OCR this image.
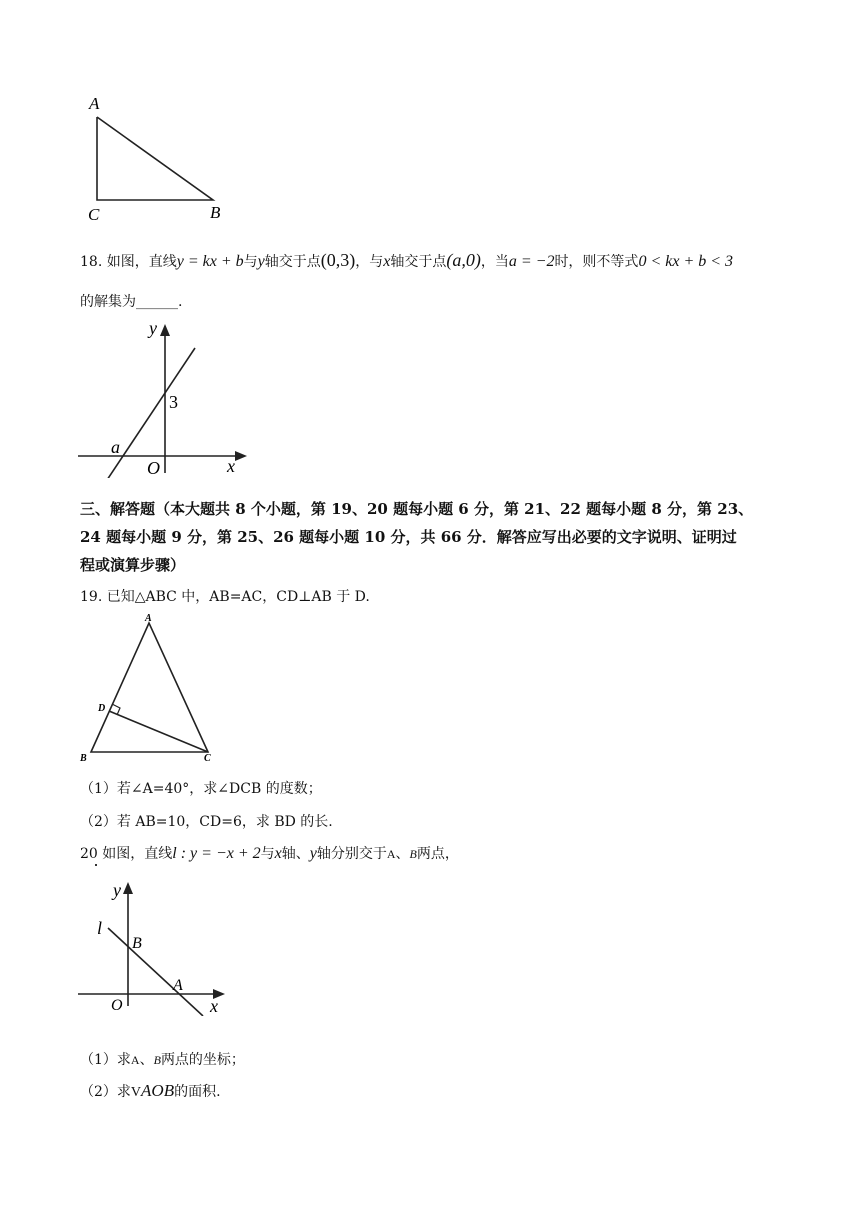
A
C	B
18. 如图，直线y = kx + b与y轴交于点(0,3)，与x轴交于点(a,0)，当a = −2时，则不等式0 < kx + b < 3
的解集为______.
y
3
a
O	x
三、解答题（本大题共 8 个小题，第 19、20 题每小题 6 分，第 21、22 题每小题 8 分，第 23、
24 题每小题 9 分，第 25、26 题每小题 10 分，共 66 分．解答应写出必要的文字说明、证明过
程或演算步骤）
19. 已知△ABC 中，AB=AC，CD⊥AB 于 D.
A
D
B	C
（1）若∠A=40°，求∠DCB 的度数；
（2）若 AB=10，CD=6，求 BD 的长.
20 如图，直线l : y = −x + 2与x轴、y轴分别交于A、B两点，
y
l
B
A
O	x
（1）求A、B两点的坐标；
（2）求VAOB的面积.
